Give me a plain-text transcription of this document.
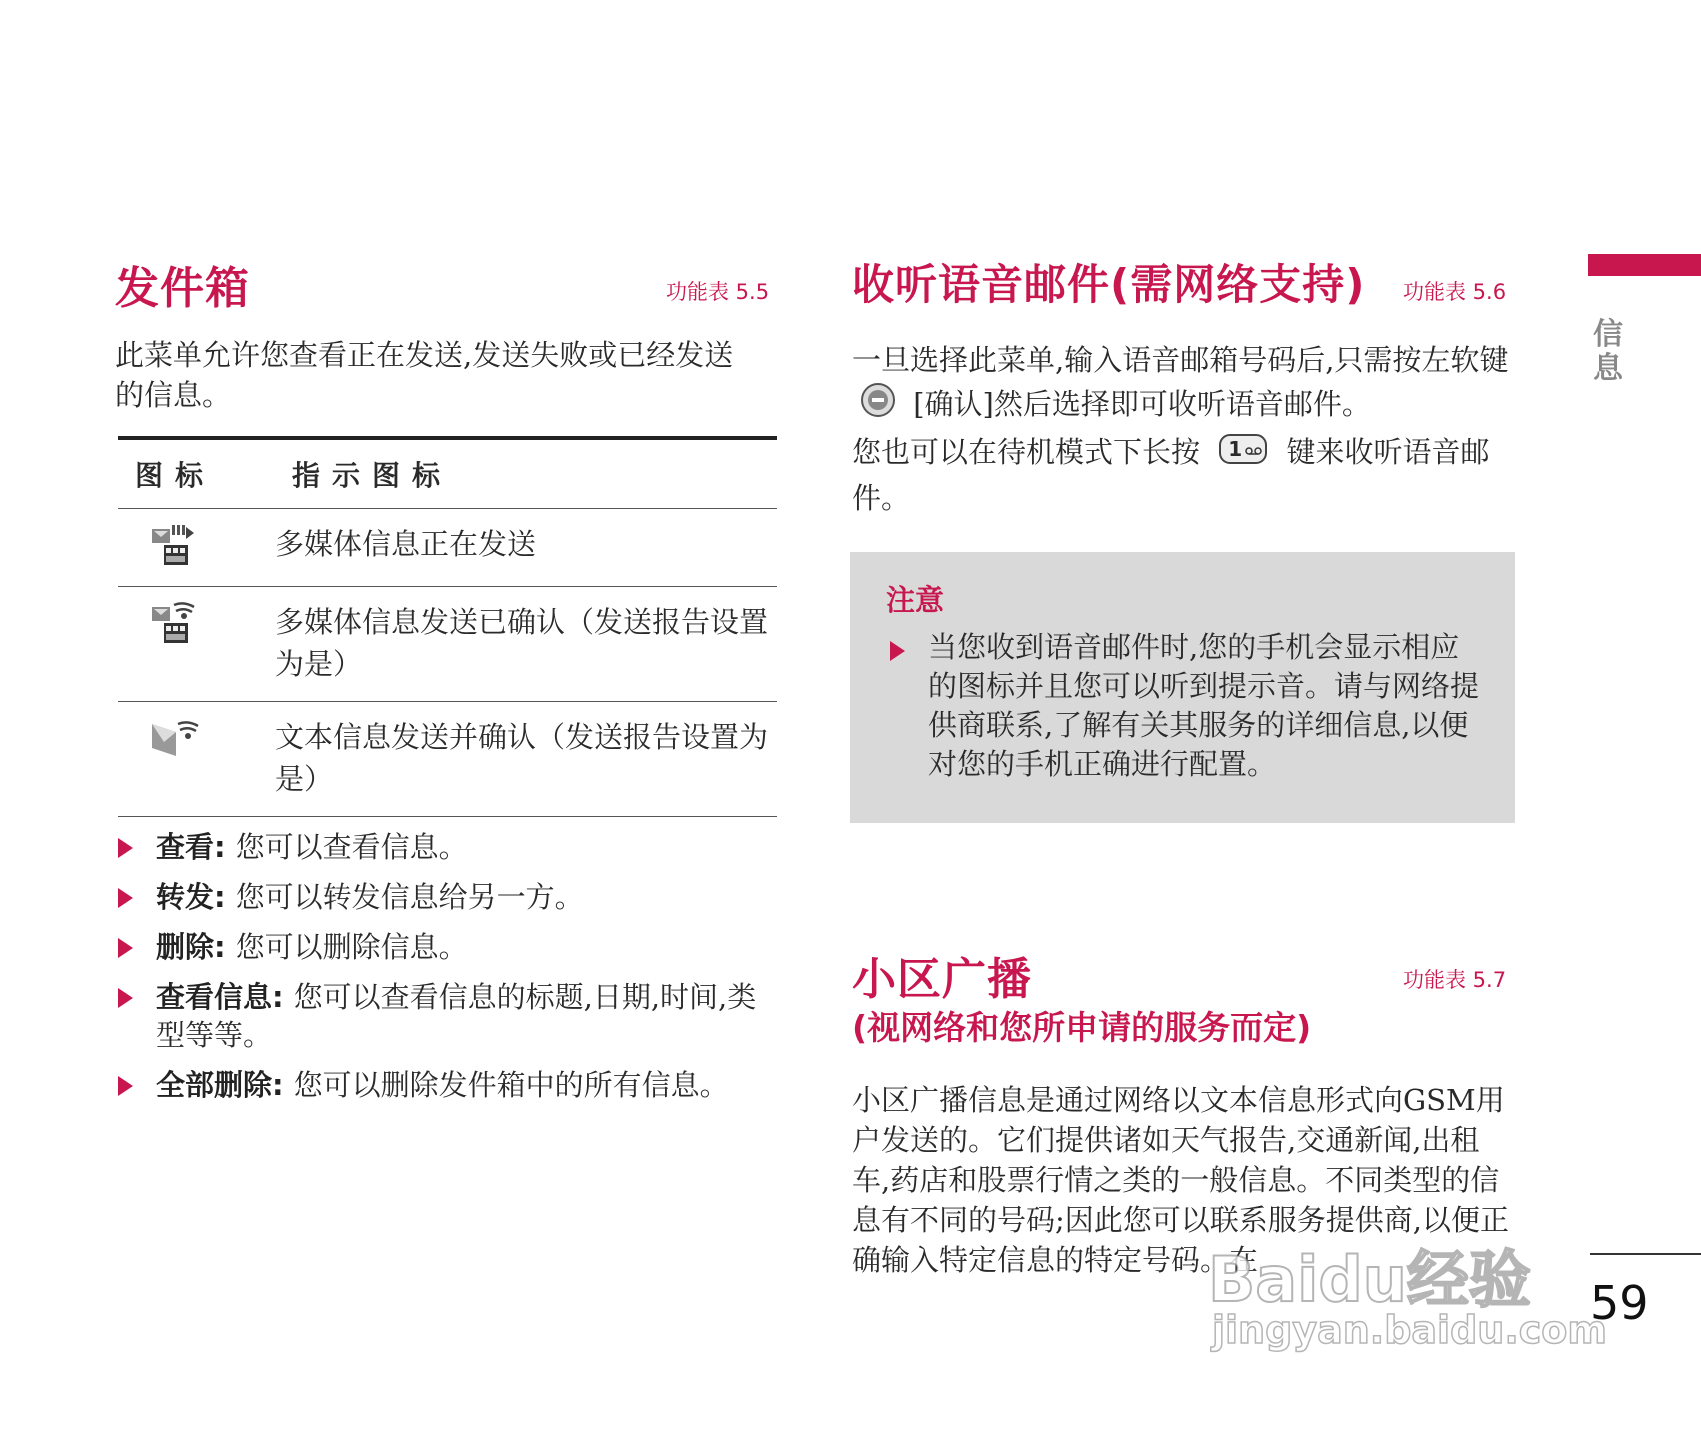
发件箱	功能表 5.5
此菜单允许您查看正在发送,发送失败或已经发送的信息。
图标	指示图标
	多媒体信息正在发送
	多媒体信息发送已确认（发送报告设置为是）
	文本信息发送并确认（发送报告设置为是）
查看: 您可以查看信息。
转发: 您可以转发信息给另一方。
删除: 您可以删除信息。
查看信息: 您可以查看信息的标题,日期,时间,类型等等。
全部删除: 您可以删除发件箱中的所有信息。
收听语音邮件(需网络支持) 功能表 5.6
一旦选择此菜单,输入语音邮箱号码后,只需按左软键  [确认]然后选择即可收听语音邮件。
您也可以在待机模式下长按 1 键来收听语音邮件。
注意
当您收到语音邮件时,您的手机会显示相应的图标并且您可以听到提示音。请与网络提供商联系,了解有关其服务的详细信息,以便对您的手机正确进行配置。
小区广播	功能表 5.7
(视网络和您所申请的服务而定)
小区广播信息是通过网络以文本信息形式向GSM用户发送的。它们提供诸如天气报告,交通新闻,出租车,药店和股票行情之类的一般信息。不同类型的信息有不同的号码;因此您可以联系服务提供商,以便正确输入特定信息的特定号码。在
信息
59
Baidu经验
jingyan.baidu.com
